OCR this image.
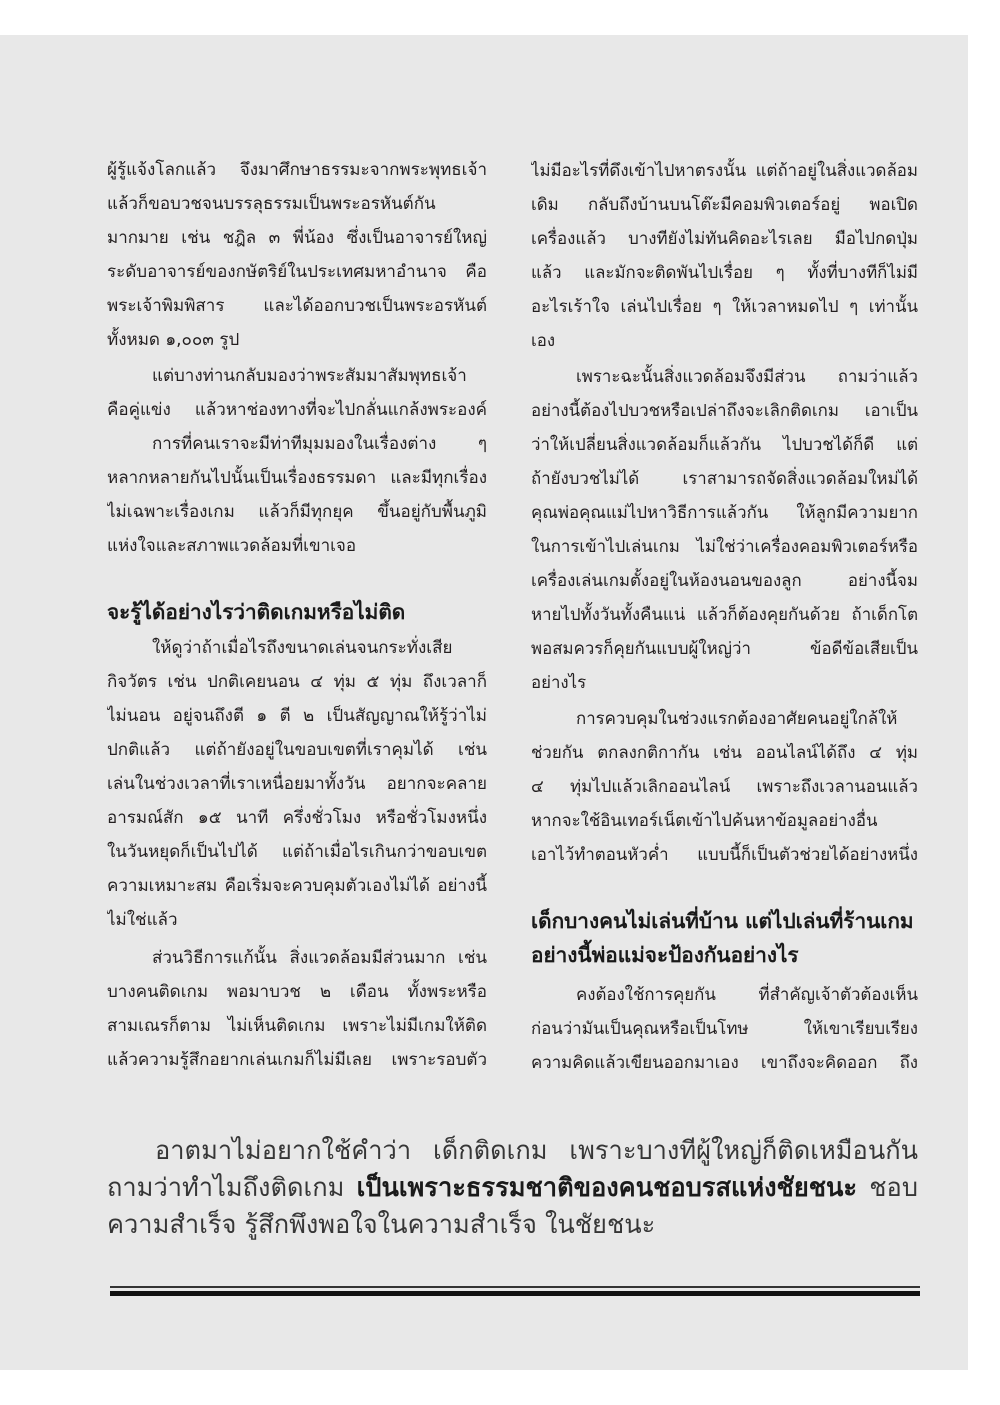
ผู้รู้แจ้งโลกแล้ว จึงมาศึกษาธรรมะจากพระพุทธเจ้า
แล้วก็ขอบวชจนบรรลุธรรมเป็นพระอรหันต์กัน
มากมาย เช่น ชฎิล ๓ พี่น้อง ซึ่งเป็นอาจารย์ใหญ่
ระดับอาจารย์ของกษัตริย์ในประเทศมหาอำนาจ คือ
พระเจ้าพิมพิสาร และได้ออกบวชเป็นพระอรหันต์
ทั้งหมด ๑,๐๐๓ รูป
แต่บางท่านกลับมองว่าพระสัมมาสัมพุทธเจ้า
คือคู่แข่ง แล้วหาช่องทางที่จะไปกลั่นแกล้งพระองค์
การที่คนเราจะมีท่าทีมุมมองในเรื่องต่าง ๆ
หลากหลายกันไปนั้นเป็นเรื่องธรรมดา และมีทุกเรื่อง
ไม่เฉพาะเรื่องเกม แล้วก็มีทุกยุค ขึ้นอยู่กับพื้นภูมิ
แห่งใจและสภาพแวดล้อมที่เขาเจอ
จะรู้ได้อย่างไรว่าติดเกมหรือไม่ติด
ให้ดูว่าถ้าเมื่อไรถึงขนาดเล่นจนกระทั่งเสีย
กิจวัตร เช่น ปกติเคยนอน ๔ ทุ่ม ๕ ทุ่ม ถึงเวลาก็
ไม่นอน อยู่จนถึงตี ๑ ตี ๒ เป็นสัญญาณให้รู้ว่าไม่
ปกติแล้ว แต่ถ้ายังอยู่ในขอบเขตที่เราคุมได้ เช่น
เล่นในช่วงเวลาที่เราเหนื่อยมาทั้งวัน อยากจะคลาย
อารมณ์สัก ๑๕ นาที ครึ่งชั่วโมง หรือชั่วโมงหนึ่ง
ในวันหยุดก็เป็นไปได้ แต่ถ้าเมื่อไรเกินกว่าขอบเขต
ความเหมาะสม คือเริ่มจะควบคุมตัวเองไม่ได้ อย่างนี้
ไม่ใช่แล้ว
ส่วนวิธีการแก้นั้น สิ่งแวดล้อมมีส่วนมาก เช่น
บางคนติดเกม พอมาบวช ๒ เดือน ทั้งพระหรือ
สามเณรก็ตาม ไม่เห็นติดเกม เพราะไม่มีเกมให้ติด
แล้วความรู้สึกอยากเล่นเกมก็ไม่มีเลย เพราะรอบตัว
ไม่มีอะไรที่ดึงเข้าไปหาตรงนั้น แต่ถ้าอยู่ในสิ่งแวดล้อม
เดิม กลับถึงบ้านบนโต๊ะมีคอมพิวเตอร์อยู่ พอเปิด
เครื่องแล้ว บางทียังไม่ทันคิดอะไรเลย มือไปกดปุ่ม
แล้ว และมักจะติดพันไปเรื่อย ๆ ทั้งที่บางทีก็ไม่มี
อะไรเร้าใจ เล่นไปเรื่อย ๆ ให้เวลาหมดไป ๆ เท่านั้น
เอง
เพราะฉะนั้นสิ่งแวดล้อมจึงมีส่วน ถามว่าแล้ว
อย่างนี้ต้องไปบวชหรือเปล่าถึงจะเลิกติดเกม เอาเป็น
ว่าให้เปลี่ยนสิ่งแวดล้อมก็แล้วกัน ไปบวชได้ก็ดี แต่
ถ้ายังบวชไม่ได้ เราสามารถจัดสิ่งแวดล้อมใหม่ได้
คุณพ่อคุณแม่ไปหาวิธีการแล้วกัน ให้ลูกมีความยาก
ในการเข้าไปเล่นเกม ไม่ใช่ว่าเครื่องคอมพิวเตอร์หรือ
เครื่องเล่นเกมตั้งอยู่ในห้องนอนของลูก อย่างนี้จม
หายไปทั้งวันทั้งคืนแน่ แล้วก็ต้องคุยกันด้วย ถ้าเด็กโต
พอสมควรก็คุยกันแบบผู้ใหญ่ว่า ข้อดีข้อเสียเป็น
อย่างไร
การควบคุมในช่วงแรกต้องอาศัยคนอยู่ใกล้ให้
ช่วยกัน ตกลงกติกากัน เช่น ออนไลน์ได้ถึง ๔ ทุ่ม
๔ ทุ่มไปแล้วเลิกออนไลน์ เพราะถึงเวลานอนแล้ว
หากจะใช้อินเทอร์เน็ตเข้าไปค้นหาข้อมูลอย่างอื่น
เอาไว้ทำตอนหัวค่ำ แบบนี้ก็เป็นตัวช่วยได้อย่างหนึ่ง
เด็กบางคนไม่เล่นที่บ้าน แต่ไปเล่นที่ร้านเกม
อย่างนี้พ่อแม่จะป้องกันอย่างไร
คงต้องใช้การคุยกัน ที่สำคัญเจ้าตัวต้องเห็น
ก่อนว่ามันเป็นคุณหรือเป็นโทษ ให้เขาเรียบเรียง
ความคิดแล้วเขียนออกมาเอง เขาถึงจะคิดออก ถึง
อาตมาไม่อยากใช้คำว่า เด็กติดเกม เพราะบางทีผู้ใหญ่ก็ติดเหมือนกัน
ถามว่าทำไมถึงติดเกม เป็นเพราะธรรมชาติของคนชอบรสแห่งชัยชนะ ชอบ
ความสำเร็จ รู้สึกพึงพอใจในความสำเร็จ ในชัยชนะ
